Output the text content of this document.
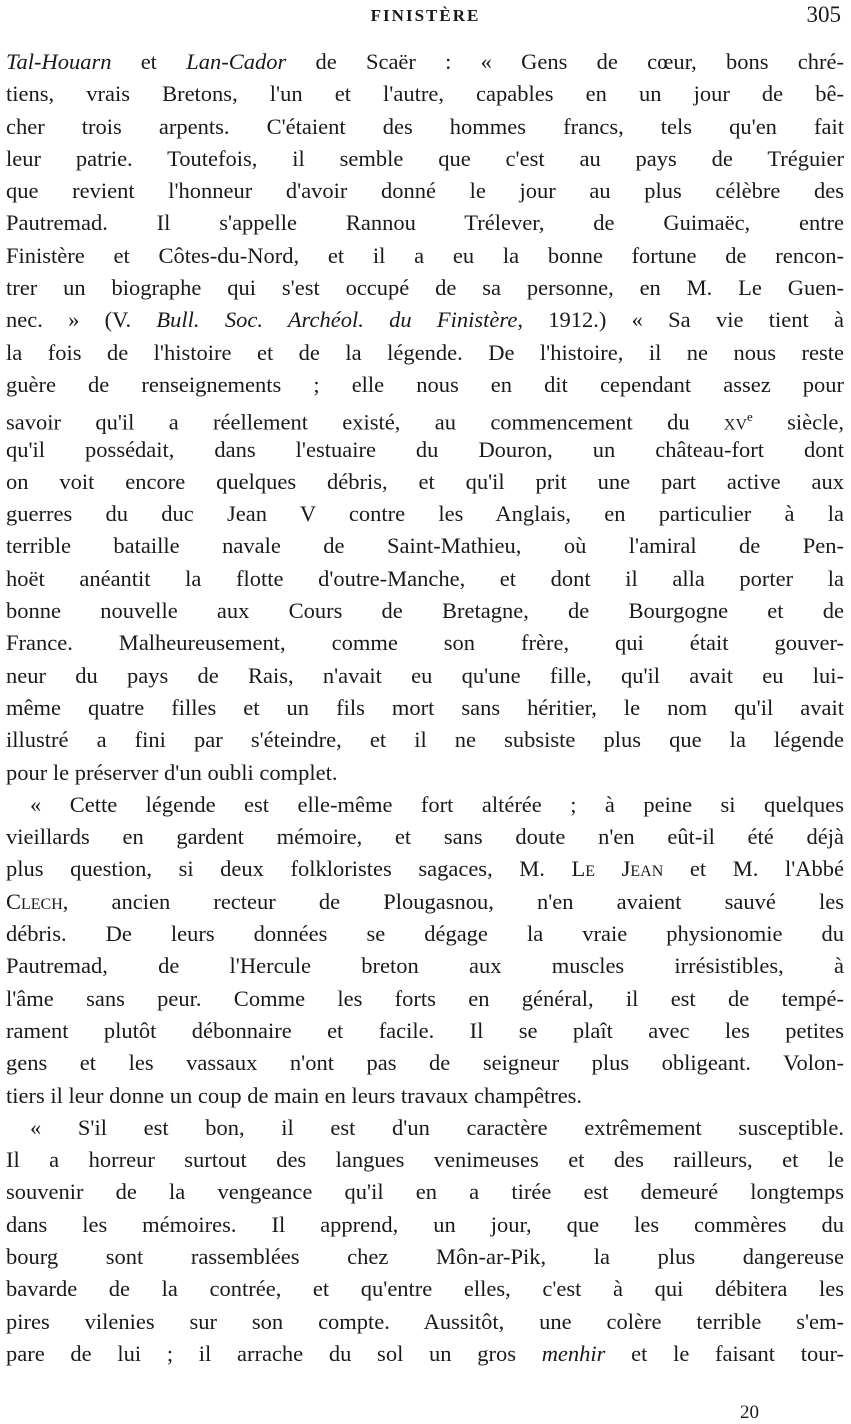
FINISTÈRE	305
Tal-Houarn et Lan-Cador de Scaër : « Gens de cœur, bons chré-
tiens, vrais Bretons, l'un et l'autre, capables en un jour de bê-
cher trois arpents. C'étaient des hommes francs, tels qu'en fait
leur patrie. Toutefois, il semble que c'est au pays de Tréguier
que revient l'honneur d'avoir donné le jour au plus célèbre des
Pautremad. Il s'appelle Rannou Trélever, de Guimaëc, entre
Finistère et Côtes-du-Nord, et il a eu la bonne fortune de rencon-
trer un biographe qui s'est occupé de sa personne, en M. Le Guen-
nec. » (V. Bull. Soc. Archéol. du Finistère, 1912.) « Sa vie tient à
la fois de l'histoire et de la légende. De l'histoire, il ne nous reste
guère de renseignements ; elle nous en dit cependant assez pour
savoir qu'il a réellement existé, au commencement du $xv^e$ siècle,
qu'il possédait, dans l'estuaire du Douron, un château-fort dont
on voit encore quelques débris, et qu'il prit une part active aux
guerres du duc Jean V contre les Anglais, en particulier à la
terrible bataille navale de Saint-Mathieu, où l'amiral de Pen-
hoët anéantit la flotte d'outre-Manche, et dont il alla porter la
bonne nouvelle aux Cours de Bretagne, de Bourgogne et de
France. Malheureusement, comme son frère, qui était gouver-
neur du pays de Rais, n'avait eu qu'une fille, qu'il avait eu lui-
même quatre filles et un fils mort sans héritier, le nom qu'il avait
illustré a fini par s'éteindre, et il ne subsiste plus que la légende
pour le préserver d'un oubli complet.
« Cette légende est elle-même fort altérée ; à peine si quelques
vieillards en gardent mémoire, et sans doute n'en eût-il été déjà
plus question, si deux folkloristes sagaces, M. Le Jean et M. l'Abbé
Clech, ancien recteur de Plougasnou, n'en avaient sauvé les
débris. De leurs données se dégage la vraie physionomie du
Pautremad, de l'Hercule breton aux muscles irrésistibles, à
l'âme sans peur. Comme les forts en général, il est de tempé-
rament plutôt débonnaire et facile. Il se plaît avec les petites
gens et les vassaux n'ont pas de seigneur plus obligeant. Volon-
tiers il leur donne un coup de main en leurs travaux champêtres.
« S'il est bon, il est d'un caractère extrêmement susceptible.
Il a horreur surtout des langues venimeuses et des railleurs, et le
souvenir de la vengeance qu'il en a tirée est demeuré longtemps
dans les mémoires. Il apprend, un jour, que les commères du
bourg sont rassemblées chez Môn-ar-Pik, la plus dangereuse
bavarde de la contrée, et qu'entre elles, c'est à qui débitera les
pires vilenies sur son compte. Aussitôt, une colère terrible s'em-
pare de lui ; il arrache du sol un gros menhir et le faisant tour-
20
